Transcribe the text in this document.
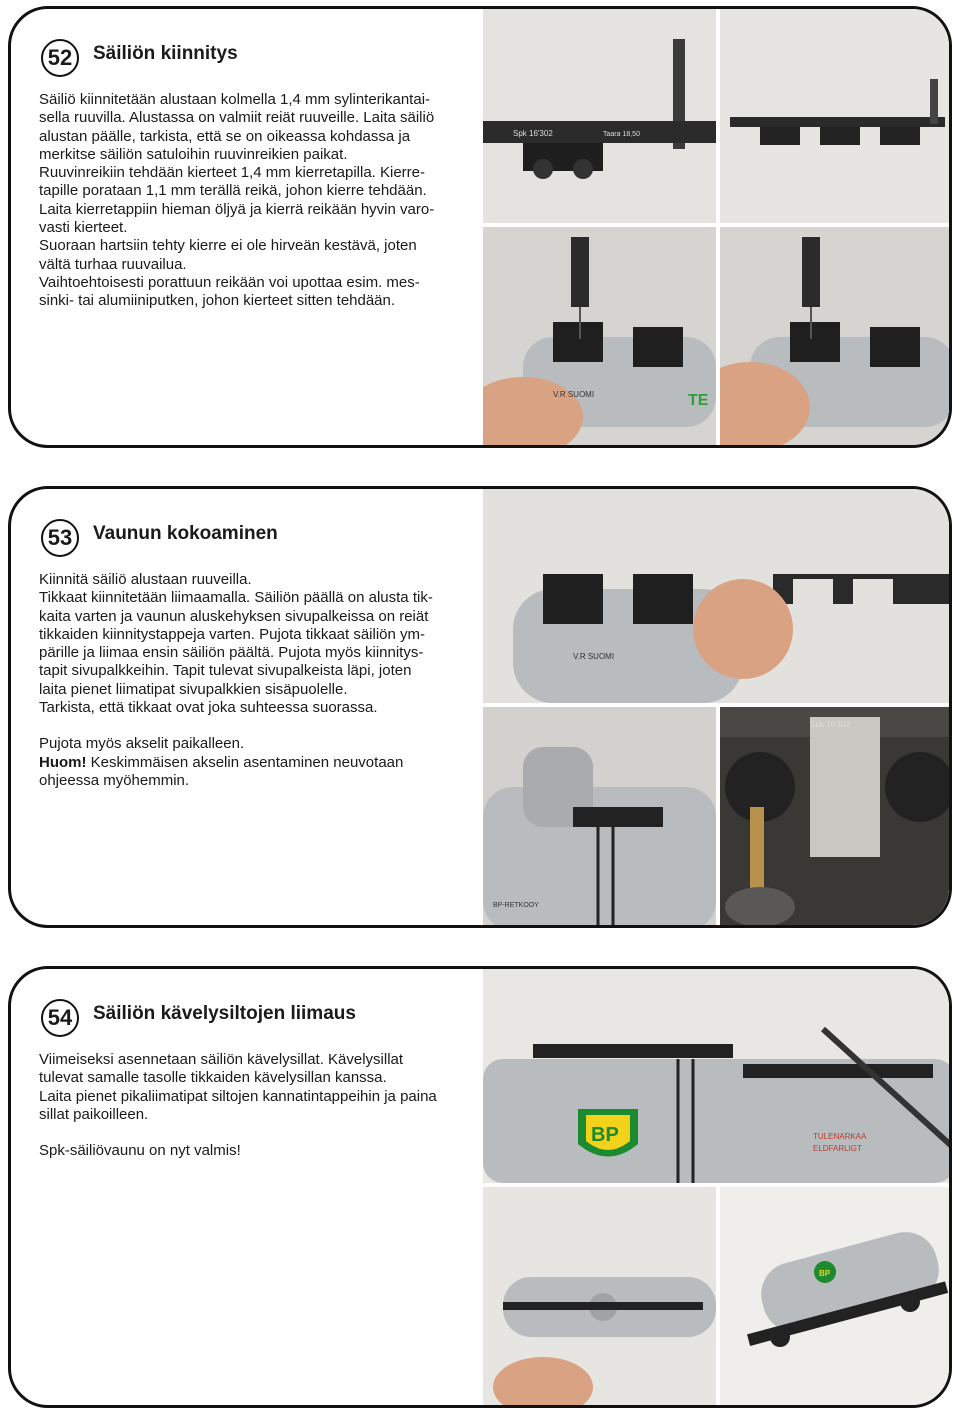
52	Säiliön kiinnitys

Säiliö kiinnitetään alustaan kolmella 1,4 mm sylinterikantai-
sella ruuvilla. Alustassa on valmiit reiät ruuveille. Laita säiliö
alustan päälle, tarkista, että se on oikeassa kohdassa ja
merkitse säiliön satuloihin ruuvinreikien paikat.
Ruuvinreikiin tehdään kierteet 1,4 mm kierretapilla. Kierre-
tapille porataan 1,1 mm terällä reikä, johon kierre tehdään.
Laita kierretappiin hieman öljyä ja kierrä reikään hyvin varo-
vasti kierteet.
Suoraan hartsiin tehty kierre ei ole hirveän kestävä, joten
vältä turhaa ruuvailua.
Vaihtoehtoisesti porattuun reikään voi upottaa esim. mes-
sinki- tai alumiiniputken, johon kierteet sitten tehdään.

Spk 16'302	Taara 18,50
V.R SUOMI	TE
53	Vaunun kokoaminen

Kiinnitä säiliö alustaan ruuveilla.
Tikkaat kiinnitetään liimaamalla. Säiliön päällä on alusta tik-
kaita varten ja vaunun aluskehyksen sivupalkeissa on reiät
tikkaiden kiinnitystappeja varten. Pujota tikkaat säiliön ym-
pärille ja liimaa ensin säiliön päältä. Pujota myös kiinnitys-
tapit sivupalkkeihin. Tapit tulevat sivupalkeista läpi, joten
laita pienet liimatipat sivupalkkien sisäpuolelle.
Tarkista, että tikkaat ovat joka suhteessa suorassa.

Pujota myös akselit paikalleen.
Huom! Keskimmäisen akselin asentaminen neuvotaan
ohjeessa myöhemmin.

V.R SUOMI
BP-RETKOOY
Spk 16'302
54	Säiliön kävelysiltojen liimaus

Viimeiseksi asennetaan säiliön kävelysillat. Kävelysillat
tulevat samalle tasolle tikkaiden kävelysillan kanssa.
Laita pienet pikaliimatipat siltojen kannatintappeihin ja paina
sillat paikoilleen.

Spk-säiliövaunu on nyt valmis!

BP	TULENARKAA
ELDFARLIGT
BP
